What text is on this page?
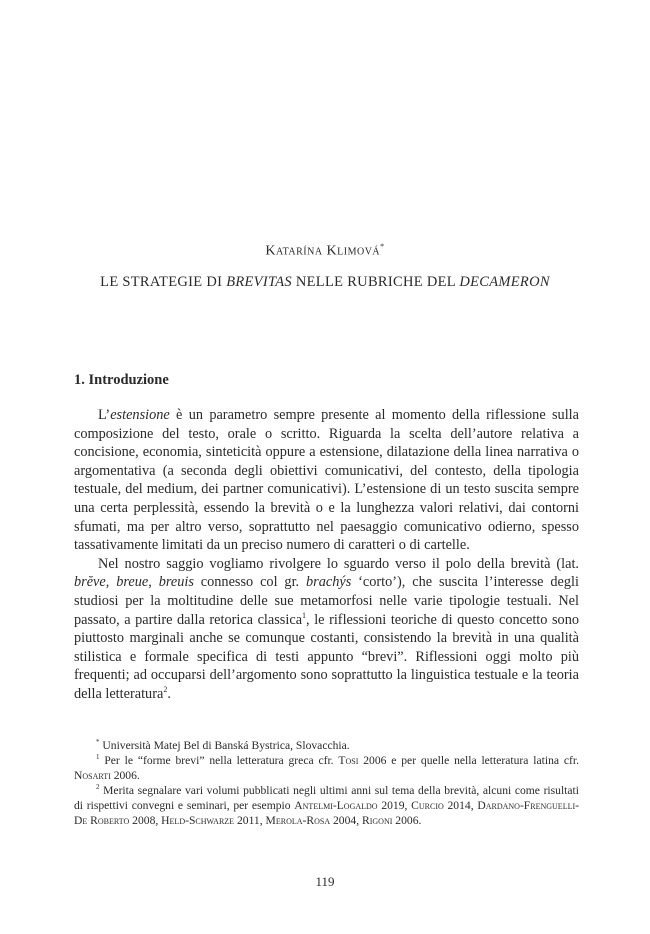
Katarína Klimová*
LE STRATEGIE DI BREVITAS NELLE RUBRICHE DEL DECAMERON
1. Introduzione

L’estensione è un parametro sempre presente al momento della riflessione sulla composizione del testo, orale o scritto. Riguarda la scelta dell’autore relativa a concisione, economia, sinteticità oppure a estensione, dilatazione della linea narrativa o argomentativa (a seconda degli obiettivi comunicativi, del contesto, della tipologia testuale, del medium, dei partner comunicativi). L’estensione di un testo suscita sempre una certa perplessità, essendo la brevità o e la lunghezza valori relativi, dai contorni sfumati, ma per altro verso, soprattutto nel paesaggio comunicativo odierno, spesso tassativamente limitati da un preciso numero di caratteri o di cartelle.

Nel nostro saggio vogliamo rivolgere lo sguardo verso il polo della brevità (lat. brĕve, breue, breuis connesso col gr. brachýs ‘corto’), che suscita l’interesse degli studiosi per la moltitudine delle sue metamorfosi nelle varie tipologie testuali. Nel passato, a partire dalla retorica classica$^1$, le riflessioni teoriche di questo concetto sono piuttosto marginali anche se comunque costanti, consistendo la brevità in una qualità stilistica e formale specifica di testi appunto “brevi”. Riflessioni oggi molto più frequenti; ad occuparsi dell’argomento sono soprattutto la linguistica testuale e la teoria della letteratura$^2$.

* Università Matej Bel di Banská Bystrica, Slovacchia.

$^1$ Per le “forme brevi” nella letteratura greca cfr. Tosi 2006 e per quelle nella letteratura latina cfr. Nosarti 2006.

$^2$ Merita segnalare vari volumi pubblicati negli ultimi anni sul tema della brevità, alcuni come risultati di rispettivi convegni e seminari, per esempio Antelmi-Logaldo 2019, Curcio 2014, Dardano-Frenguelli-De Roberto 2008, Held-Schwarze 2011, Merola-Rosa 2004, Rigoni 2006.

119
